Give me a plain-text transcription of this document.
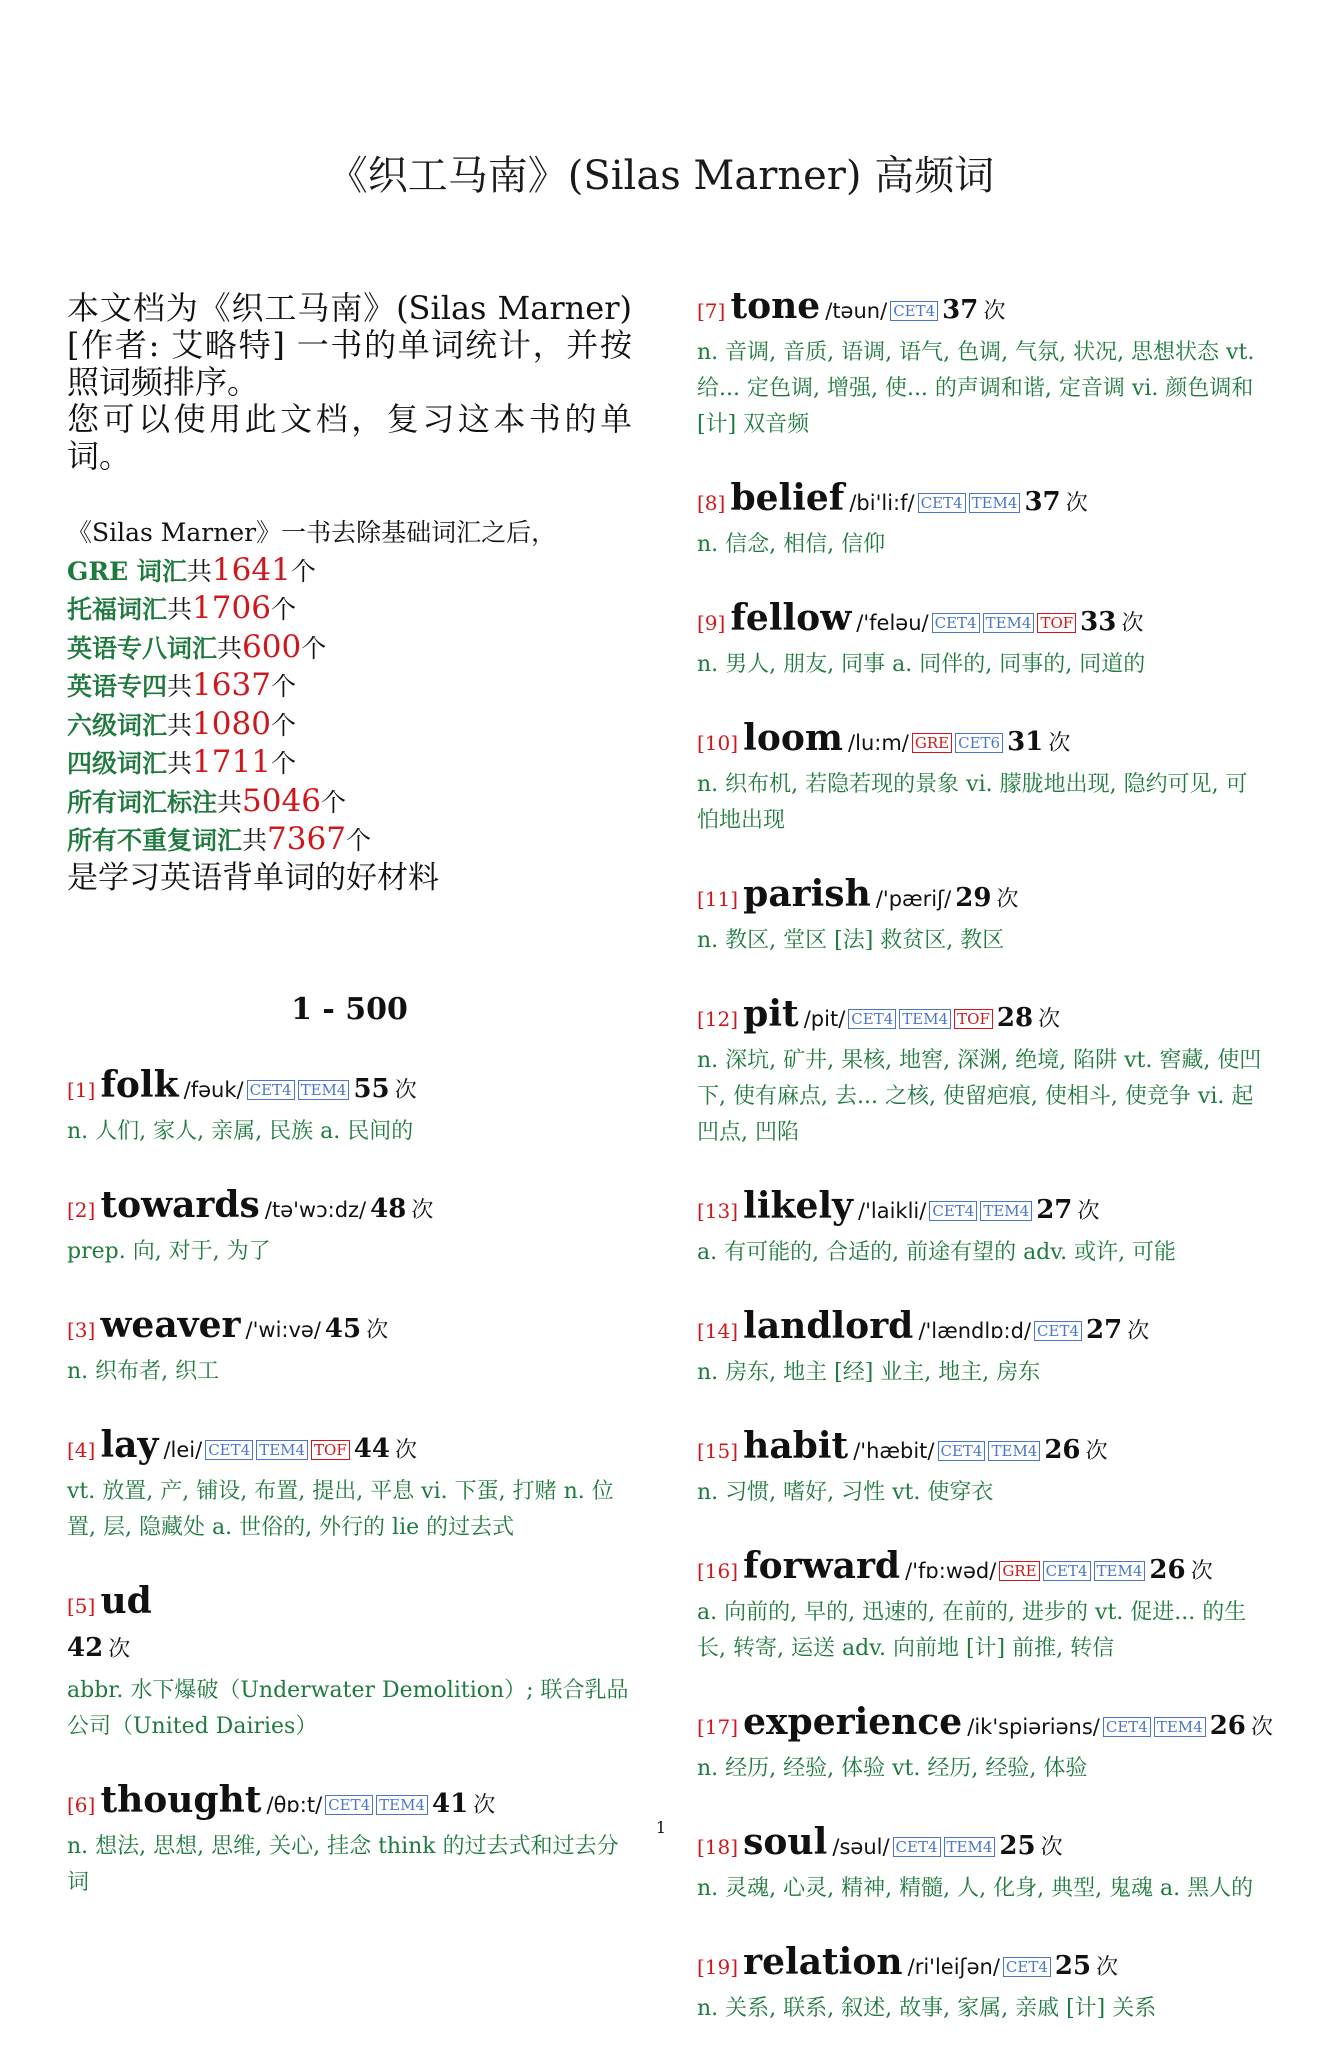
《织工马南》(Silas Marner) 高频词

本文档为《织工马南》(Silas Marner)[作者: 艾略特] 一书的单词统计，并按照词频排序。
您可以使用此文档，复习这本书的单词。

《Silas Marner》一书去除基础词汇之后，
GRE 词汇共1641个
托福词汇共1706个
英语专八词汇共600个
英语专四共1637个
六级词汇共1080个
四级词汇共1711个
所有词汇标注共5046个
所有不重复词汇共7367个
是学习英语背单词的好材料
1 - 500
[1] folk /fəuk/ CET4 TEM4 55 次
n. 人们, 家人, 亲属, 民族 a. 民间的
[2] towards /tə'wɔ:dz/ 48 次
prep. 向, 对于, 为了
[3] weaver /'wi:və/ 45 次
n. 织布者, 织工
[4] lay /lei/ CET4 TEM4 TOF 44 次
vt. 放置, 产, 铺设, 布置, 提出, 平息 vi. 下蛋, 打赌 n. 位置, 层, 隐藏处 a. 世俗的, 外行的 lie 的过去式
[5] ud
42 次
abbr. 水下爆破（Underwater Demolition）; 联合乳品公司（United Dairies）
[6] thought /θɒ:t/ CET4 TEM4 41 次
n. 想法, 思想, 思维, 关心, 挂念 think 的过去式和过去分词
[7] tone /təun/ CET4 37 次
n. 音调, 音质, 语调, 语气, 色调, 气氛, 状况, 思想状态 vt. 给... 定色调, 增强, 使... 的声调和谐, 定音调 vi. 颜色调和 [计] 双音频
[8] belief /bi'li:f/ CET4 TEM4 37 次
n. 信念, 相信, 信仰
[9] fellow /'feləu/ CET4 TEM4 TOF 33 次
n. 男人, 朋友, 同事 a. 同伴的, 同事的, 同道的
[10] loom /lu:m/ GRE CET6 31 次
n. 织布机, 若隐若现的景象 vi. 朦胧地出现, 隐约可见, 可怕地出现
[11] parish /'pæriʃ/ 29 次
n. 教区, 堂区 [法] 救贫区, 教区
[12] pit /pit/ CET4 TEM4 TOF 28 次
n. 深坑, 矿井, 果核, 地窖, 深渊, 绝境, 陷阱 vt. 窖藏, 使凹下, 使有麻点, 去... 之核, 使留疤痕, 使相斗, 使竞争 vi. 起凹点, 凹陷
[13] likely /'laikli/ CET4 TEM4 27 次
a. 有可能的, 合适的, 前途有望的 adv. 或许, 可能
[14] landlord /'lændlɒ:d/ CET4 27 次
n. 房东, 地主 [经] 业主, 地主, 房东
[15] habit /'hæbit/ CET4 TEM4 26 次
n. 习惯, 嗜好, 习性 vt. 使穿衣
[16] forward /'fɒ:wəd/ GRE CET4 TEM4 26 次
a. 向前的, 早的, 迅速的, 在前的, 进步的 vt. 促进... 的生长, 转寄, 运送 adv. 向前地 [计] 前推, 转信
[17] experience /ik'spiəriəns/ CET4 TEM4 26 次
n. 经历, 经验, 体验 vt. 经历, 经验, 体验
[18] soul /səul/ CET4 TEM4 25 次
n. 灵魂, 心灵, 精神, 精髓, 人, 化身, 典型, 鬼魂 a. 黑人的
[19] relation /ri'leiʃən/ CET4 25 次
n. 关系, 联系, 叙述, 故事, 家属, 亲戚 [计] 关系
1
